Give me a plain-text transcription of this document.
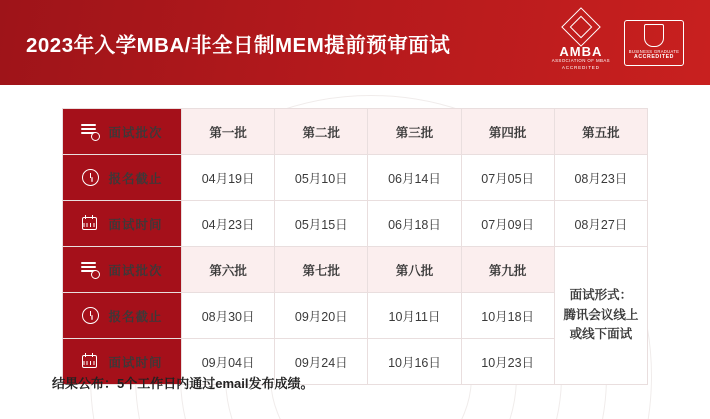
2023年入学MBA/非全日制MEM提前预审面试	AMBA
ASSOCIATION OF MBAS
ACCREDITED
BUSINESS GRADUATE
ACCREDITED
面试批次	第一批	第二批	第三批	第四批	第五批

报名截止	04月19日	05月10日	06月14日	07月05日	08月23日

面试时间	04月23日	05月15日	06月18日	07月09日	08月27日

面试批次	第六批	第七批	第八批	第九批	面试形式：
腾讯会议线上
或线下面试

报名截止	08月30日	09月20日	10月11日	10月18日	

面试时间	09月04日	09月24日	10月16日	10月23日	
结果公布：5个工作日内通过email发布成绩。
